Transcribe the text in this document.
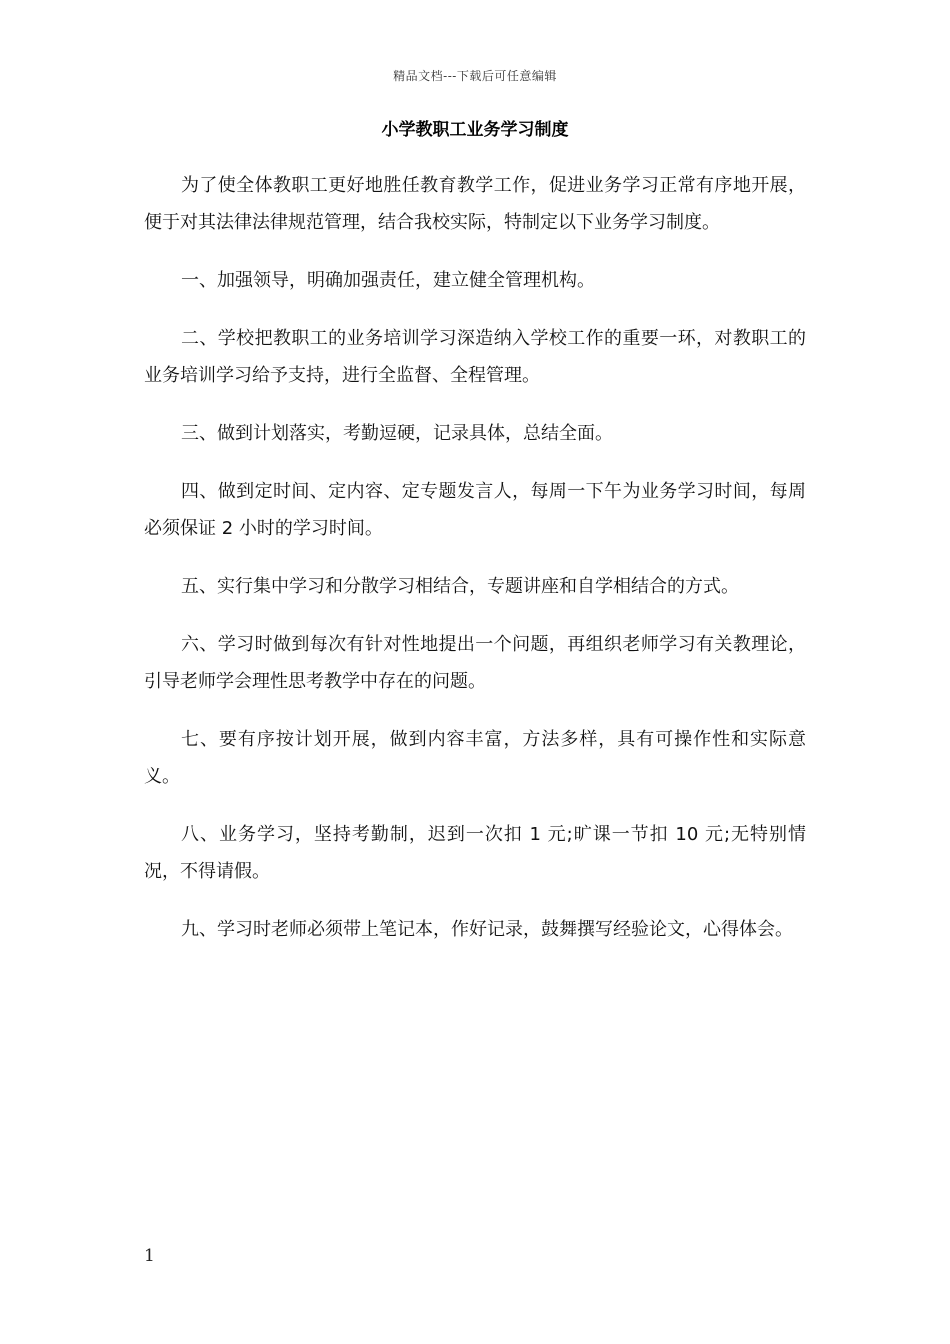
精品文档---下载后可任意编辑
小学教职工业务学习制度

为了使全体教职工更好地胜任教育教学工作，促进业务学习正常有序地开展，便于对其法律法律规范管理，结合我校实际，特制定以下业务学习制度。

一、加强领导，明确加强责任，建立健全管理机构。

二、学校把教职工的业务培训学习深造纳入学校工作的重要一环，对教职工的业务培训学习给予支持，进行全监督、全程管理。

三、做到计划落实，考勤逗硬，记录具体，总结全面。

四、做到定时间、定内容、定专题发言人，每周一下午为业务学习时间，每周必须保证 2 小时的学习时间。

五、实行集中学习和分散学习相结合，专题讲座和自学相结合的方式。

六、学习时做到每次有针对性地提出一个问题，再组织老师学习有关教理论，引导老师学会理性思考教学中存在的问题。

七、要有序按计划开展，做到内容丰富，方法多样，具有可操作性和实际意义。

八、业务学习，坚持考勤制，迟到一次扣 1 元;旷课一节扣 10 元;无特别情况，不得请假。

九、学习时老师必须带上笔记本，作好记录，鼓舞撰写经验论文，心得体会。

1
